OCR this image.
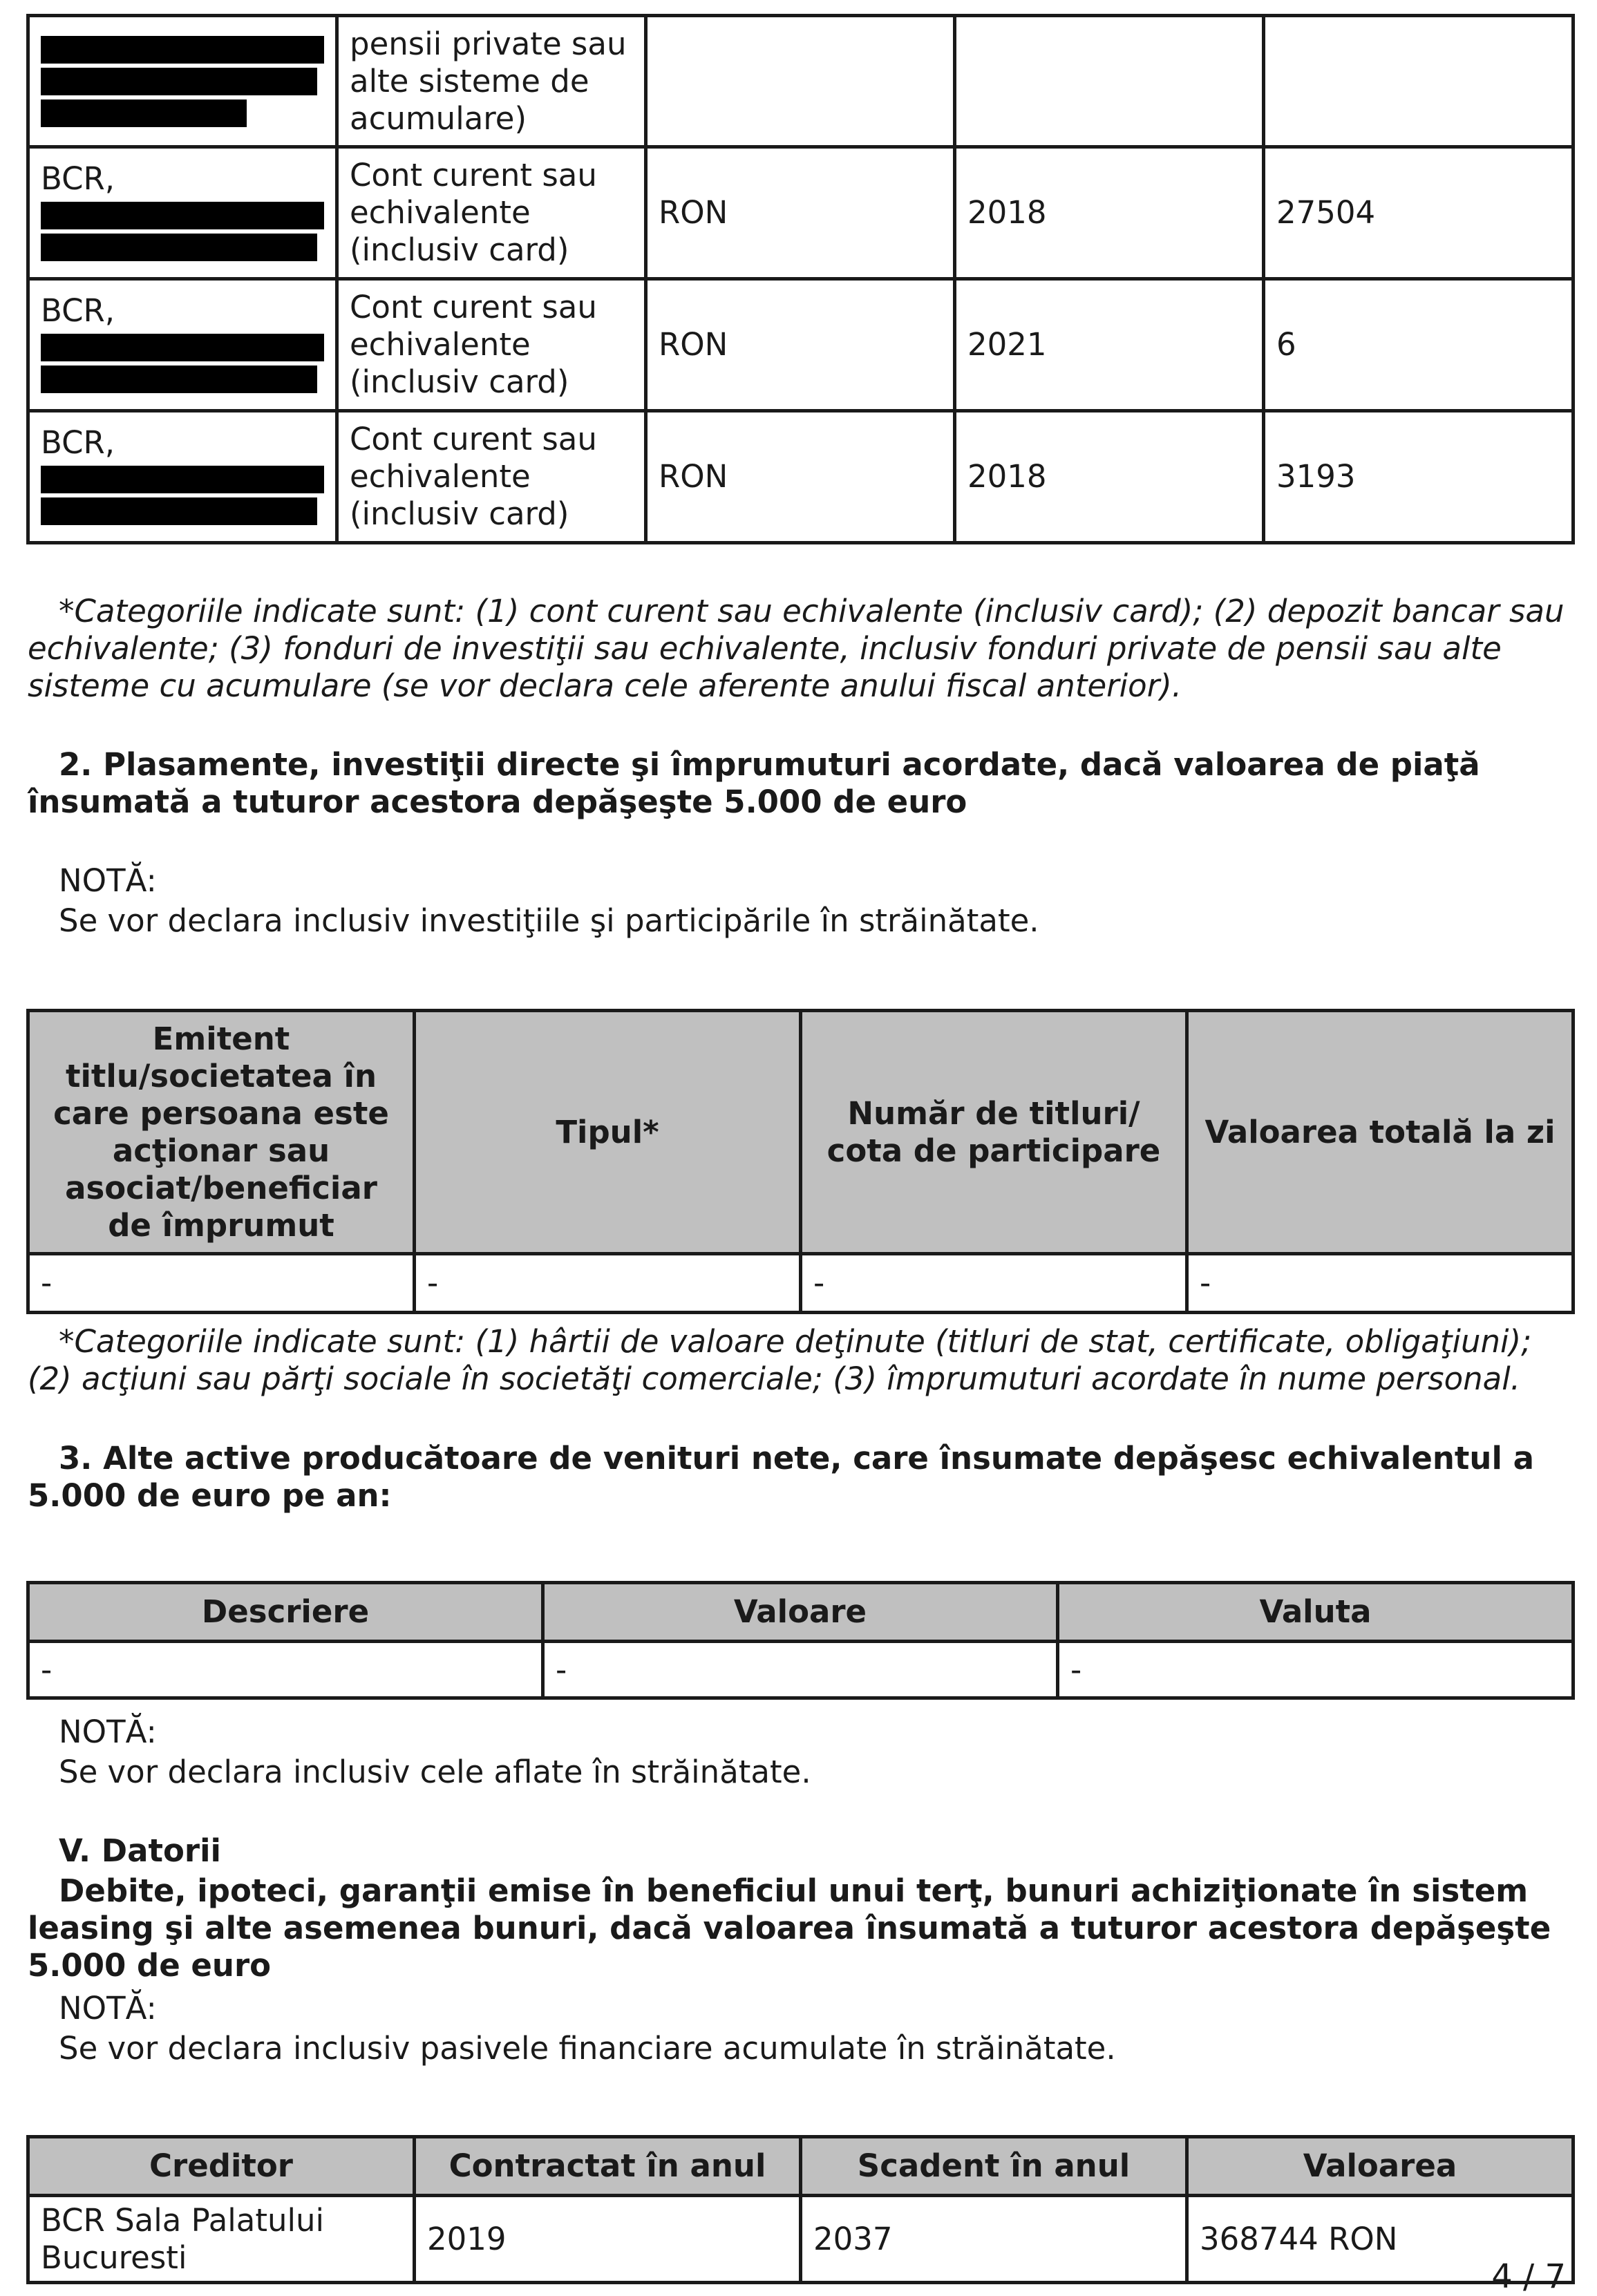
	pensii private sau alte sisteme de acumulare)			
BCR,	Cont curent sau echivalente (inclusiv card)	RON	2018	27504
BCR,	Cont curent sau echivalente (inclusiv card)	RON	2021	6
BCR,	Cont curent sau echivalente (inclusiv card)	RON	2018	3193
*Categoriile indicate sunt: (1) cont curent sau echivalente (inclusiv card); (2) depozit bancar sau echivalente; (3) fonduri de investiţii sau echivalente, inclusiv fonduri private de pensii sau alte sisteme cu acumulare (se vor declara cele aferente anului fiscal anterior).
2. Plasamente, investiţii directe şi împrumuturi acordate, dacă valoarea de piaţă însumată a tuturor acestora depăşeşte 5.000 de euro
NOTĂ:
Se vor declara inclusiv investiţiile şi participările în străinătate.
Emitent titlu/societatea în care persoana este acţionar sau asociat/beneficiar de împrumut	Tipul*	Număr de titluri/ cota de participare	Valoarea totală la zi
-	-	-	-
*Categoriile indicate sunt: (1) hârtii de valoare deţinute (titluri de stat, certificate, obligaţiuni); (2) acţiuni sau părţi sociale în societăţi comerciale; (3) împrumuturi acordate în nume personal.
3. Alte active producătoare de venituri nete, care însumate depăşesc echivalentul a 5.000 de euro pe an:
Descriere	Valoare	Valuta
-	-	-
NOTĂ:
Se vor declara inclusiv cele aflate în străinătate.
V. Datorii
Debite, ipoteci, garanţii emise în beneficiul unui terţ, bunuri achiziţionate în sistem leasing şi alte asemenea bunuri, dacă valoarea însumată a tuturor acestora depăşeşte 5.000 de euro
NOTĂ:
Se vor declara inclusiv pasivele financiare acumulate în străinătate.
Creditor	Contractat în anul	Scadent în anul	Valoarea
BCR Sala Palatului Bucuresti	2019	2037	368744 RON
4 / 7
